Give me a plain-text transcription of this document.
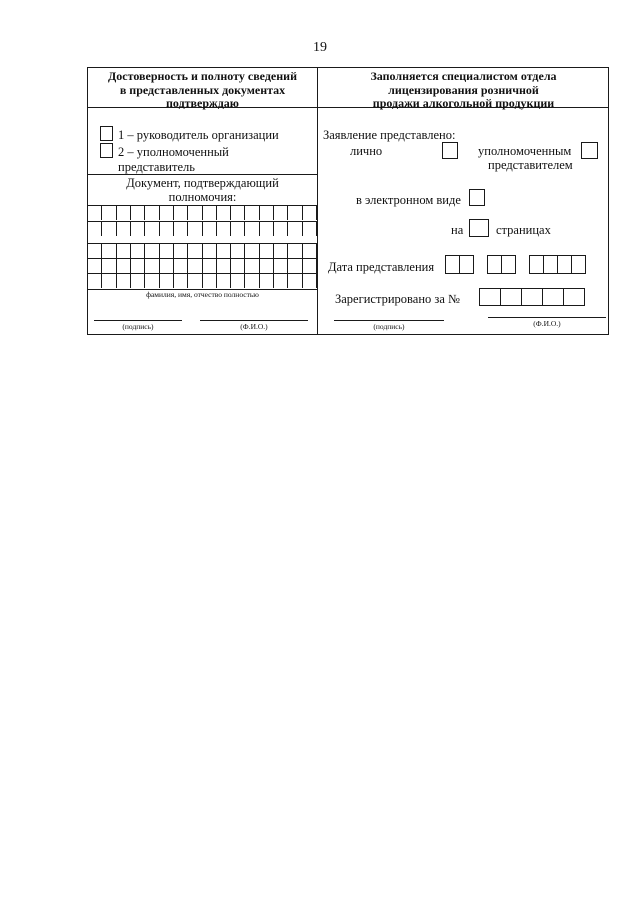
19
Достоверность и полноту сведений
в представленных документах
подтверждаю
Заполняется специалистом отдела
лицензирования розничной
продажи алкогольной продукции
1 – руководитель организации
2 – уполномоченный
представитель
Документ, подтверждающий
полномочия:
фамилия, имя, отчество полностью
(подпись)	(Ф.И.О.)
Заявление представлено:
лично	уполномоченным
представителем
в электронном виде
на	страницах
Дата представления
Зарегистрировано за №
(подпись)	(Ф.И.О.)
